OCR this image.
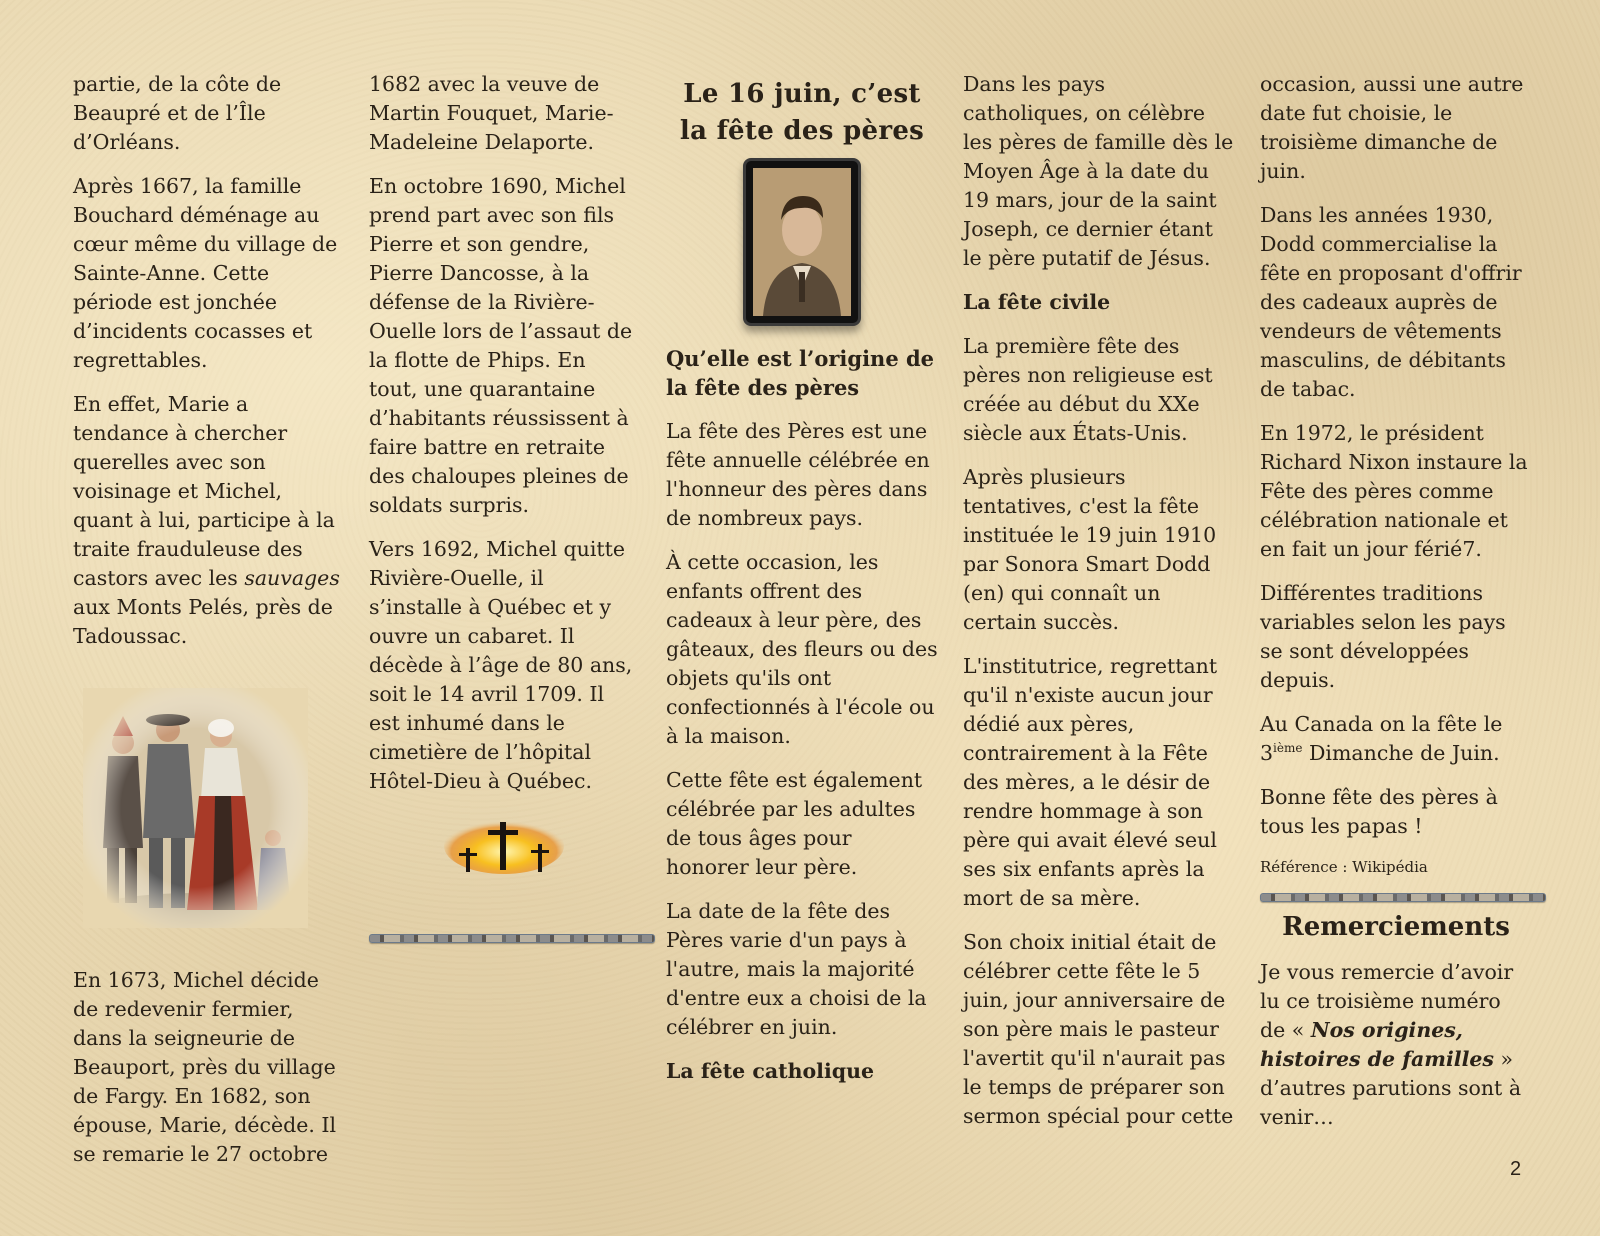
partie, de la côte de Beaupré et de l’Île d’Orléans.

Après 1667, la famille Bouchard déménage au cœur même du village de Sainte-Anne. Cette période est jonchée d’incidents cocasses et regrettables.

En effet, Marie a tendance à chercher querelles avec son voisinage et Michel, quant à lui, participe à la traite frauduleuse des castors avec les sauvages aux Monts Pelés, près de Tadoussac.

En 1673, Michel décide de redevenir fermier, dans la seigneurie de Beauport, près du village de Fargy. En 1682, son épouse, Marie, décède. Il se remarie le 27 octobre

1682 avec la veuve de Martin Fouquet, Marie-Madeleine Delaporte.

En octobre 1690, Michel prend part avec son fils Pierre et son gendre, Pierre Dancosse, à la défense de la Rivière-Ouelle lors de l’assaut de la flotte de Phips. En tout, une quarantaine d’habitants réussissent à faire battre en retraite des chaloupes pleines de soldats surpris.

Vers 1692, Michel quitte Rivière-Ouelle, il s’installe à Québec et y ouvre un cabaret. Il décède à l’âge de 80 ans, soit le 14 avril 1709. Il est inhumé dans le cimetière de l’hôpital Hôtel-Dieu à Québec.

Le 16 juin, c’est la fête des pères
Qu’elle est l’origine de la fête des pères

La fête des Pères est une fête annuelle célébrée en l'honneur des pères dans de nombreux pays.

À cette occasion, les enfants offrent des cadeaux à leur père, des gâteaux, des fleurs ou des objets qu'ils ont confectionnés à l'école ou à la maison.

Cette fête est également célébrée par les adultes de tous âges pour honorer leur père.

La date de la fête des Pères varie d'un pays à l'autre, mais la majorité d'entre eux a choisi de la célébrer en juin.

La fête catholique

Dans les pays catholiques, on célèbre les pères de famille dès le Moyen Âge à la date du 19 mars, jour de la saint Joseph, ce dernier étant le père putatif de Jésus.

La fête civile

La première fête des pères non religieuse est créée au début du XXe siècle aux États-Unis.

Après plusieurs tentatives, c'est la fête instituée le 19 juin 1910 par Sonora Smart Dodd (en) qui connaît un certain succès.

L'institutrice, regrettant qu'il n'existe aucun jour dédié aux pères, contrairement à la Fête des mères, a le désir de rendre hommage à son père qui avait élevé seul ses six enfants après la mort de sa mère.

Son choix initial était de célébrer cette fête le 5 juin, jour anniversaire de son père mais le pasteur l'avertit qu'il n'aurait pas le temps de préparer son sermon spécial pour cette

occasion, aussi une autre date fut choisie, le troisième dimanche de juin.

Dans les années 1930, Dodd commercialise la fête en proposant d'offrir des cadeaux auprès de vendeurs de vêtements masculins, de débitants de tabac.

En 1972, le président Richard Nixon instaure la Fête des pères comme célébration nationale et en fait un jour férié7.

Différentes traditions variables selon les pays se sont développées depuis.

Au Canada on la fête le 3ième Dimanche de Juin.

Bonne fête des pères à tous les papas !

Référence : Wikipédia

Remerciements

Je vous remercie d’avoir lu ce troisième numéro de « Nos origines, histoires de familles » d’autres parutions sont à venir…

2
